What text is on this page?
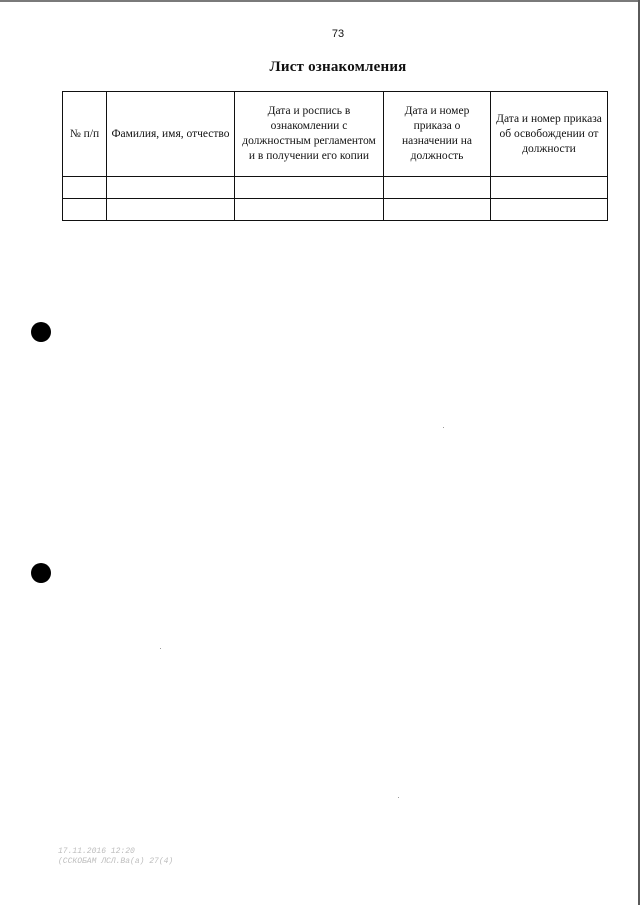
73
Лист ознакомления
№ п/п	Фамилия, имя, отчество	Дата и роспись в ознакомлении с должностным регламентом и в получении его копии	Дата и номер приказа о назначении на должность	Дата и номер приказа об освобождении от должности

17.11.2016 12:20
(ССКОБАМ ЛСЛ.Ва(а) 27(4)
